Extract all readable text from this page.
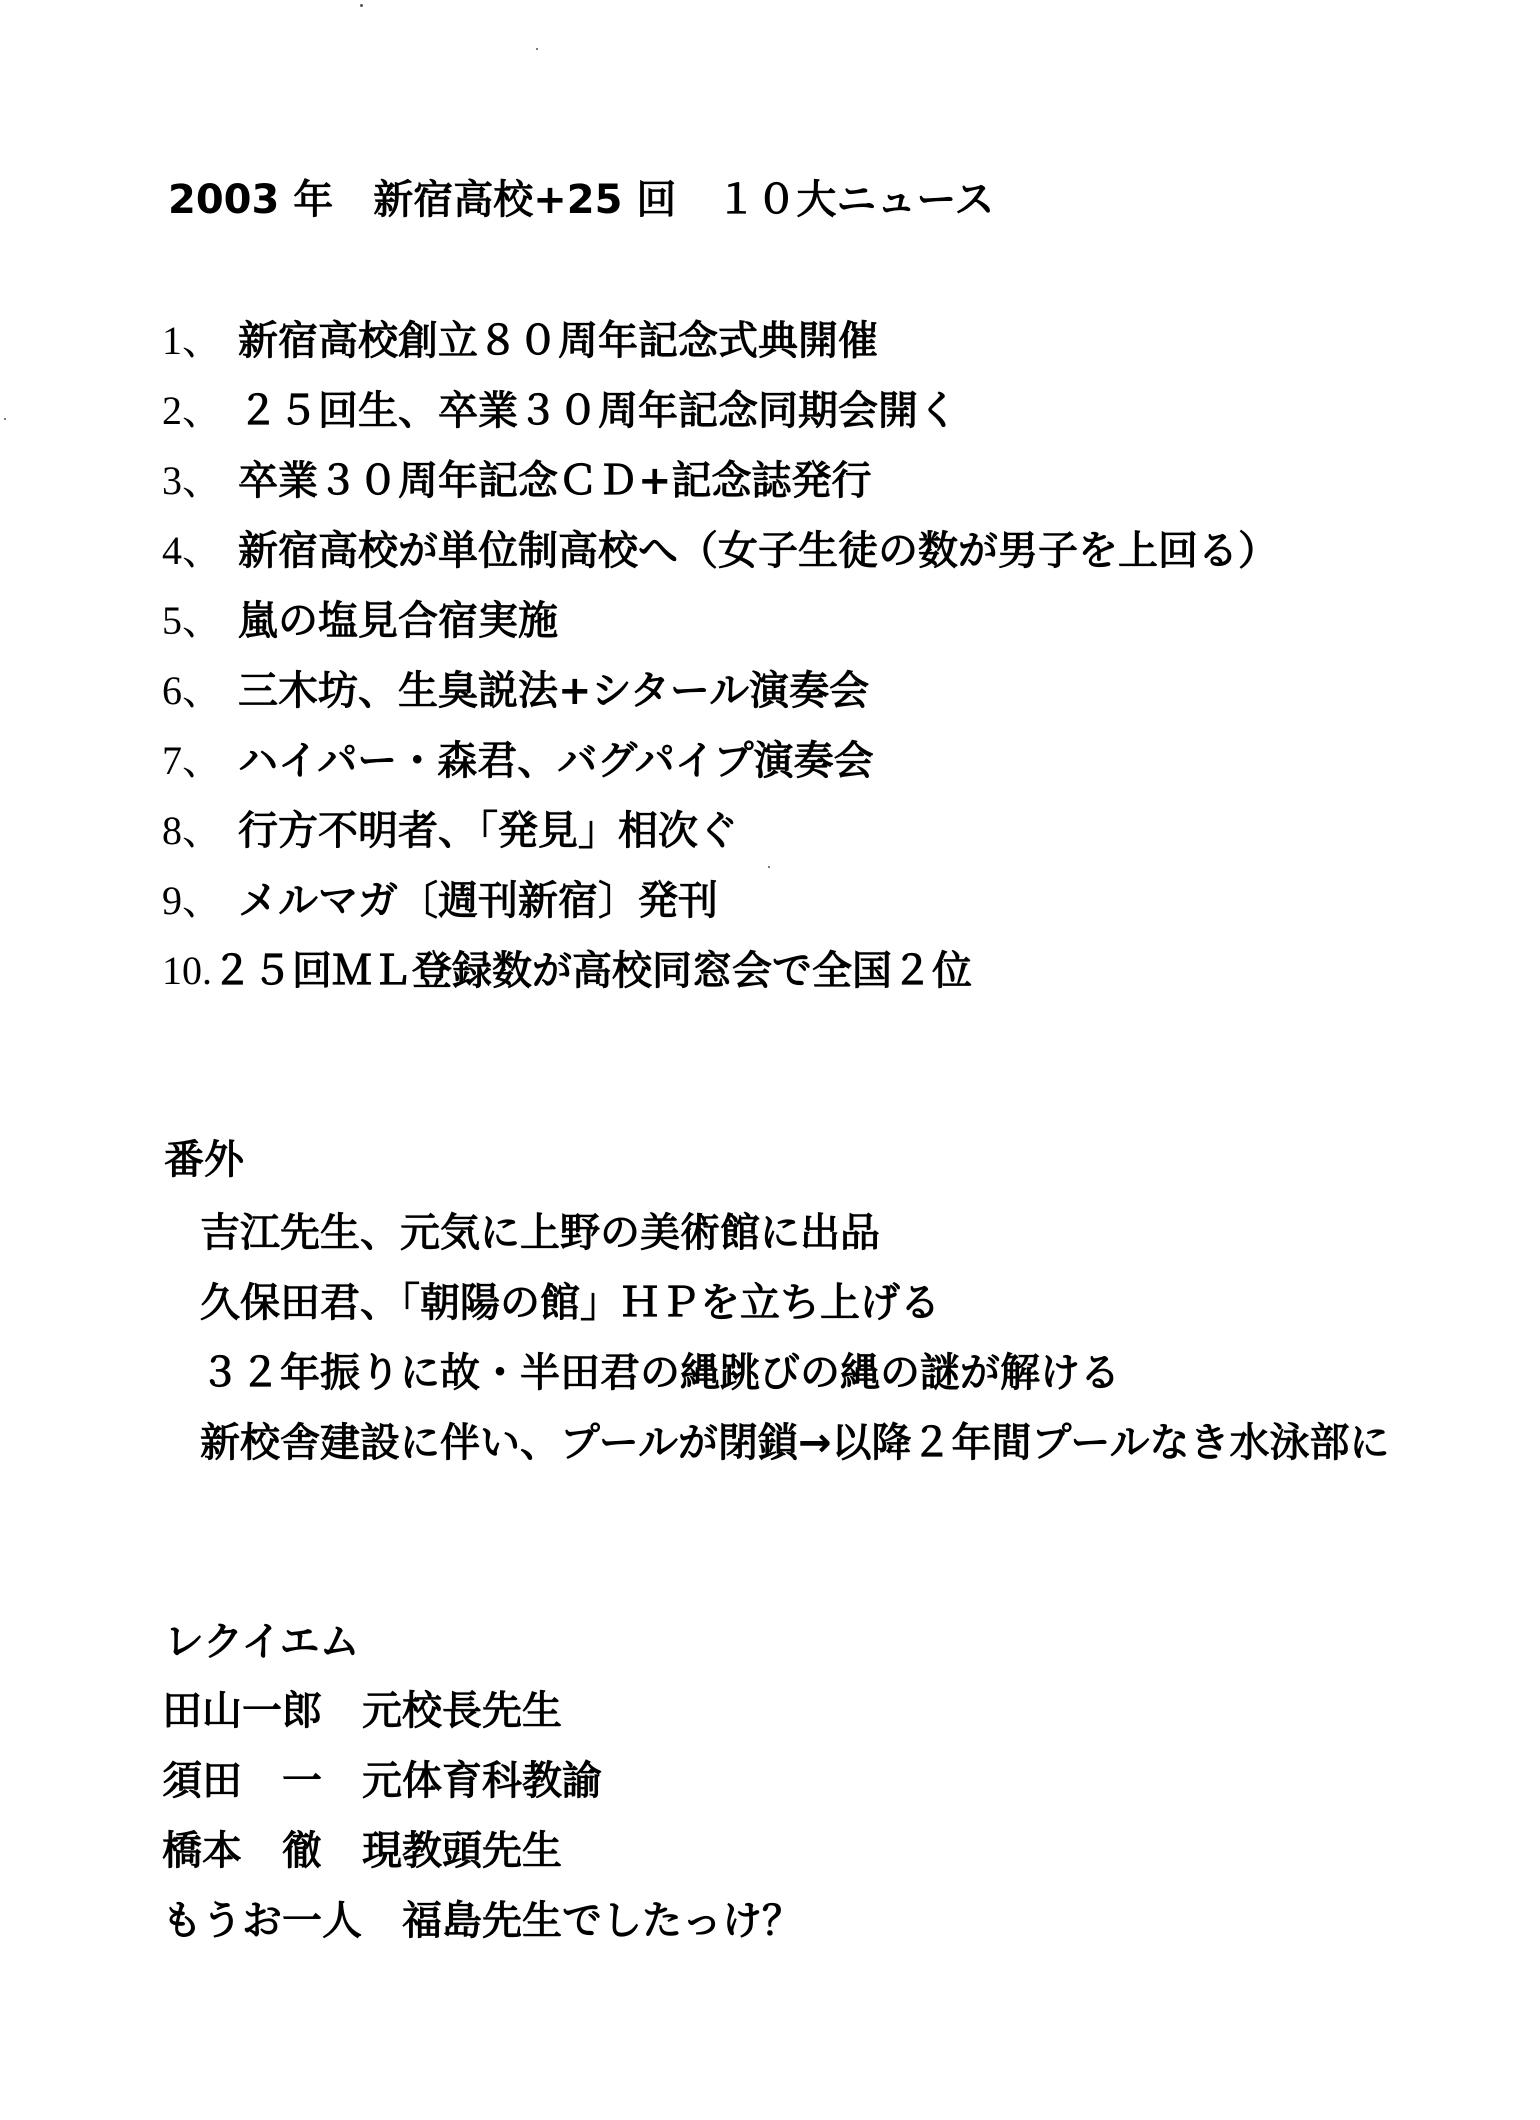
2003 年　新宿高校+25 回　１０大ニュース
1、 新宿高校創立８０周年記念式典開催
2、 ２５回生、卒業３０周年記念同期会開く
3、 卒業３０周年記念ＣＤ+記念誌発行
4、 新宿高校が単位制高校へ（女子生徒の数が男子を上回る）
5、 嵐の塩見合宿実施
6、 三木坊、生臭説法+シタール演奏会
7、 ハイパー・森君、バグパイプ演奏会
8、 行方不明者、「発見」相次ぐ
9、 メルマガ〔週刊新宿〕発刊
10.２５回ＭＬ登録数が高校同窓会で全国２位
番外
吉江先生、元気に上野の美術館に出品
久保田君、「朝陽の館」ＨＰを立ち上げる
３２年振りに故・半田君の縄跳びの縄の謎が解ける
新校舎建設に伴い、プールが閉鎖→以降２年間プールなき水泳部に
レクイエム
田山一郎　元校長先生
須田　一　元体育科教諭
橋本　徹　現教頭先生
もうお一人　福島先生でしたっけ？
